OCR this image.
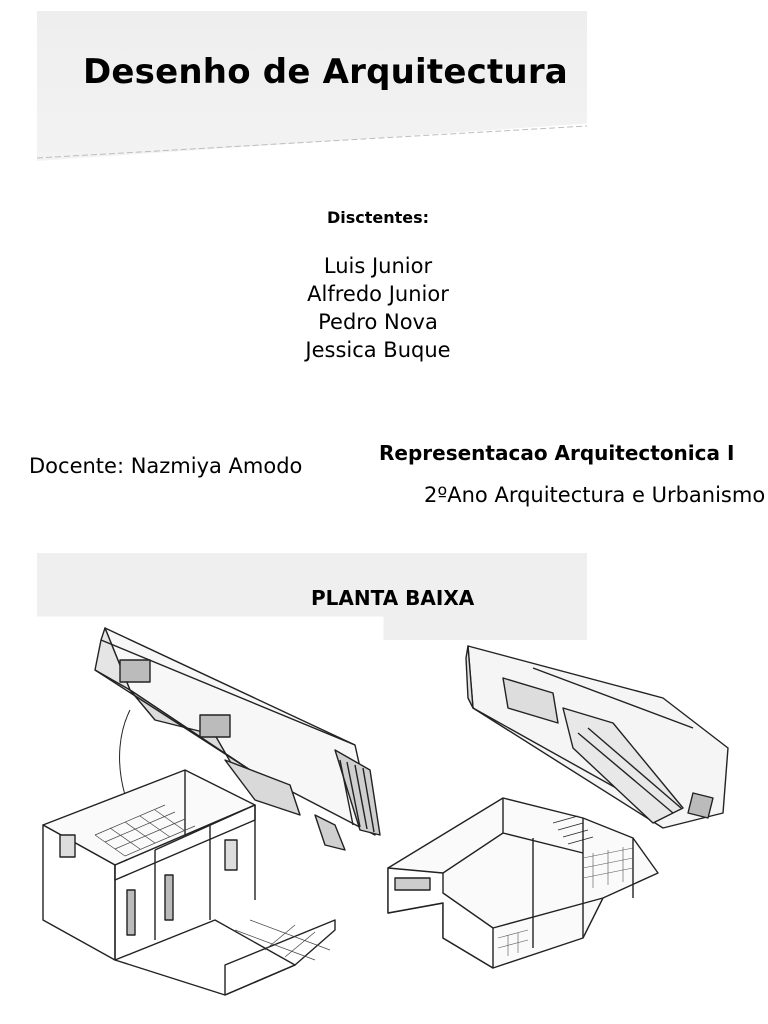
Desenho de Arquitectura
Disctentes:
Luis Junior
Alfredo Junior
Pedro Nova
Jessica Buque
Docente: Nazmiya Amodo
Representacao Arquitectonica I
2ºAno Arquitectura e Urbanismo
PLANTA BAIXA
